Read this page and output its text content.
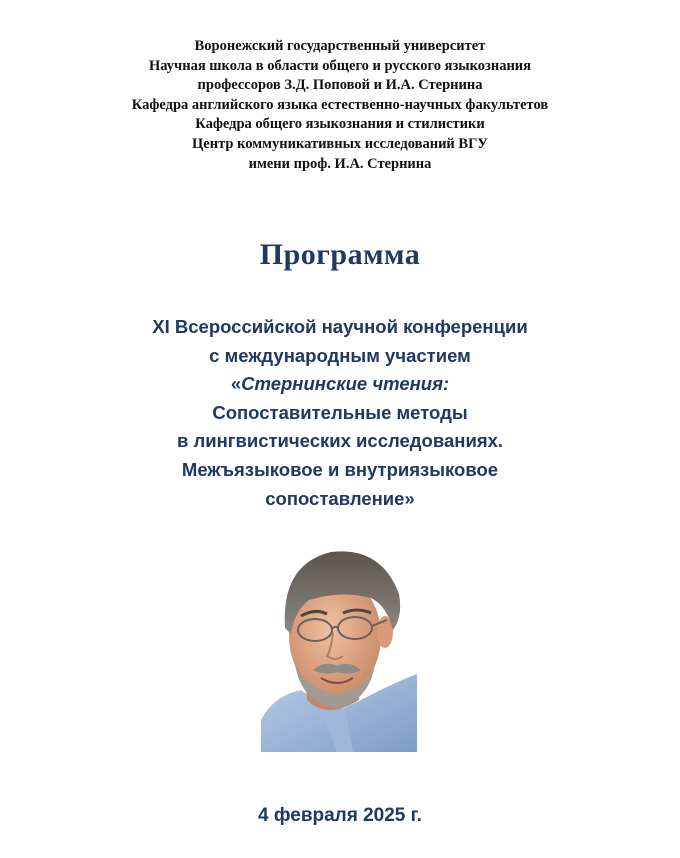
Воронежский государственный университет
Научная школа в области общего и русского языкознания
профессоров З.Д. Поповой и И.А. Стернина
Кафедра английского языка естественно-научных факультетов
Кафедра общего языкознания и стилистики
Центр коммуникативных исследований ВГУ
имени проф. И.А. Стернина
Программа
XI Всероссийской научной конференции
с международным участием
«Стернинские чтения:
Сопоставительные методы
в лингвистических исследованиях.
Межъязыковое и внутриязыковое
сопоставление»
4 февраля 2025 г.
